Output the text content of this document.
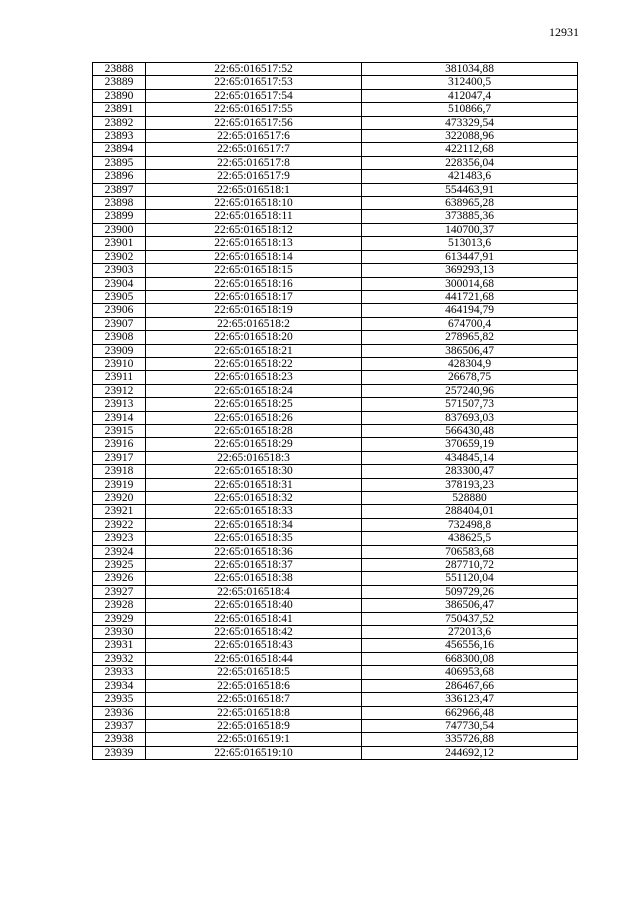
12931
23888	22:65:016517:52	381034,88
23889	22:65:016517:53	312400,5
23890	22:65:016517:54	412047,4
23891	22:65:016517:55	510866,7
23892	22:65:016517:56	473329,54
23893	22:65:016517:6	322088,96
23894	22:65:016517:7	422112,68
23895	22:65:016517:8	228356,04
23896	22:65:016517:9	421483,6
23897	22:65:016518:1	554463,91
23898	22:65:016518:10	638965,28
23899	22:65:016518:11	373885,36
23900	22:65:016518:12	140700,37
23901	22:65:016518:13	513013,6
23902	22:65:016518:14	613447,91
23903	22:65:016518:15	369293,13
23904	22:65:016518:16	300014,68
23905	22:65:016518:17	441721,68
23906	22:65:016518:19	464194,79
23907	22:65:016518:2	674700,4
23908	22:65:016518:20	278965,82
23909	22:65:016518:21	386506,47
23910	22:65:016518:22	428304,9
23911	22:65:016518:23	26678,75
23912	22:65:016518:24	257240,96
23913	22:65:016518:25	571507,73
23914	22:65:016518:26	837693,03
23915	22:65:016518:28	566430,48
23916	22:65:016518:29	370659,19
23917	22:65:016518:3	434845,14
23918	22:65:016518:30	283300,47
23919	22:65:016518:31	378193,23
23920	22:65:016518:32	528880
23921	22:65:016518:33	288404,01
23922	22:65:016518:34	732498,8
23923	22:65:016518:35	438625,5
23924	22:65:016518:36	706583,68
23925	22:65:016518:37	287710,72
23926	22:65:016518:38	551120,04
23927	22:65:016518:4	509729,26
23928	22:65:016518:40	386506,47
23929	22:65:016518:41	750437,52
23930	22:65:016518:42	272013,6
23931	22:65:016518:43	456556,16
23932	22:65:016518:44	668300,08
23933	22:65:016518:5	406953,68
23934	22:65:016518:6	286467,66
23935	22:65:016518:7	336123,47
23936	22:65:016518:8	662966,48
23937	22:65:016518:9	747730,54
23938	22:65:016519:1	335726,88
23939	22:65:016519:10	244692,12
